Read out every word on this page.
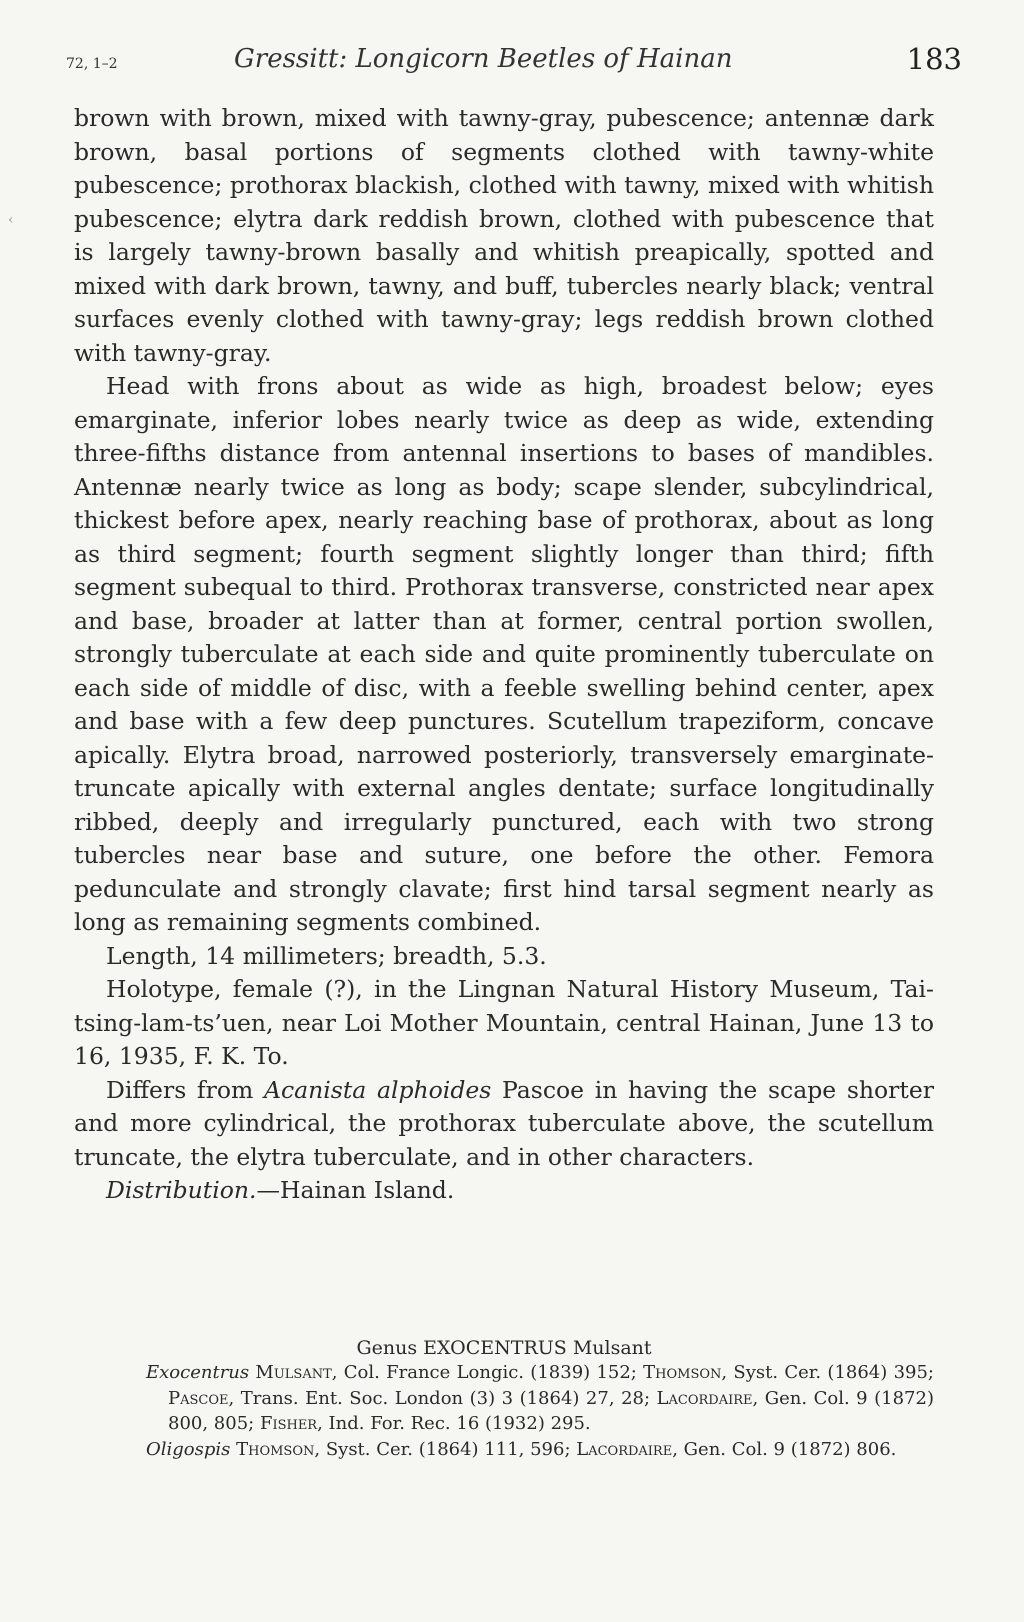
72, 1–2	Gressitt: Longicorn Beetles of Hainan	183
‹

brown with brown, mixed with tawny-gray, pubescence; antennæ dark brown, basal portions of segments clothed with tawny-white pubescence; prothorax blackish, clothed with tawny, mixed with whitish pubescence; elytra dark reddish brown, clothed with pubescence that is largely tawny-brown basally and whitish preapically, spotted and mixed with dark brown, tawny, and buff, tubercles nearly black; ventral surfaces evenly clothed with tawny-gray; legs reddish brown clothed with tawny-gray.

Head with frons about as wide as high, broadest below; eyes emarginate, inferior lobes nearly twice as deep as wide, extending three-fifths distance from antennal insertions to bases of mandibles. Antennæ nearly twice as long as body; scape slender, subcylindrical, thickest before apex, nearly reaching base of prothorax, about as long as third segment; fourth segment slightly longer than third; fifth segment subequal to third. Prothorax transverse, constricted near apex and base, broader at latter than at former, central portion swollen, strongly tuberculate at each side and quite prominently tuberculate on each side of middle of disc, with a feeble swelling behind center, apex and base with a few deep punctures. Scutellum trapeziform, concave apically. Elytra broad, narrowed posteriorly, transversely emarginate-truncate apically with external angles dentate; surface longitudinally ribbed, deeply and irregularly punctured, each with two strong tubercles near base and suture, one before the other. Femora pedunculate and strongly clavate; first hind tarsal segment nearly as long as remaining segments combined.

Length, 14 millimeters; breadth, 5.3.

Holotype, female (?), in the Lingnan Natural History Museum, Tai-tsing-lam-ts’uen, near Loi Mother Mountain, central Hainan, June 13 to 16, 1935, F. K. To.

Differs from Acanista alphoides Pascoe in having the scape shorter and more cylindrical, the prothorax tuberculate above, the scutellum truncate, the elytra tuberculate, and in other characters.

Distribution.—Hainan Island.

Genus EXOCENTRUS Mulsant

Exocentrus Mulsant, Col. France Longic. (1839) 152; Thomson, Syst. Cer. (1864) 395; Pascoe, Trans. Ent. Soc. London (3) 3 (1864) 27, 28; Lacordaire, Gen. Col. 9 (1872) 800, 805; Fisher, Ind. For. Rec. 16 (1932) 295.

Oligospis Thomson, Syst. Cer. (1864) 111, 596; Lacordaire, Gen. Col. 9 (1872) 806.
